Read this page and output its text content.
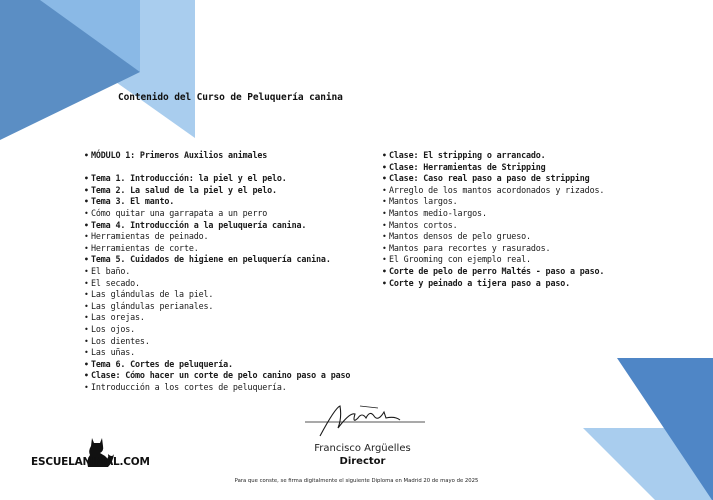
Contenido del Curso de Peluquería canina
• MÓDULO 1: Primeros Auxilios animales
• Tema 1. Introducción: la piel y el pelo.
• Tema 2. La salud de la piel y el pelo.
• Tema 3. El manto.
• Cómo quitar una garrapata a un perro
• Tema 4. Introducción a la peluquería canina.
• Herramientas de peinado.
• Herramientas de corte.
• Tema 5. Cuidados de higiene en peluquería canina.
• El baño.
• El secado.
• Las glándulas de la piel.
• Las glándulas perianales.
• Las orejas.
• Los ojos.
• Los dientes.
• Las uñas.
• Tema 6. Cortes de peluquería.
• Clase: Cómo hacer un corte de pelo canino paso a paso
• Introducción a los cortes de peluquería.
• Clase: El stripping o arrancado.
• Clase: Herramientas de Stripping
• Clase: Caso real paso a paso de stripping
• Arreglo de los mantos acordonados y rizados.
• Mantos largos.
• Mantos medio-largos.
• Mantos cortos.
• Mantos densos de pelo grueso.
• Mantos para recortes y rasurados.
• El Grooming con ejemplo real.
• Corte de pelo de perro Maltés - paso a paso.
• Corte y peinado a tijera paso a paso.
ESCUELANIMAL.COM
Francisco Argüelles
Director
Para que conste, se firma digitalmente el siguiente Diploma en Madrid 20 de mayo de 2025
